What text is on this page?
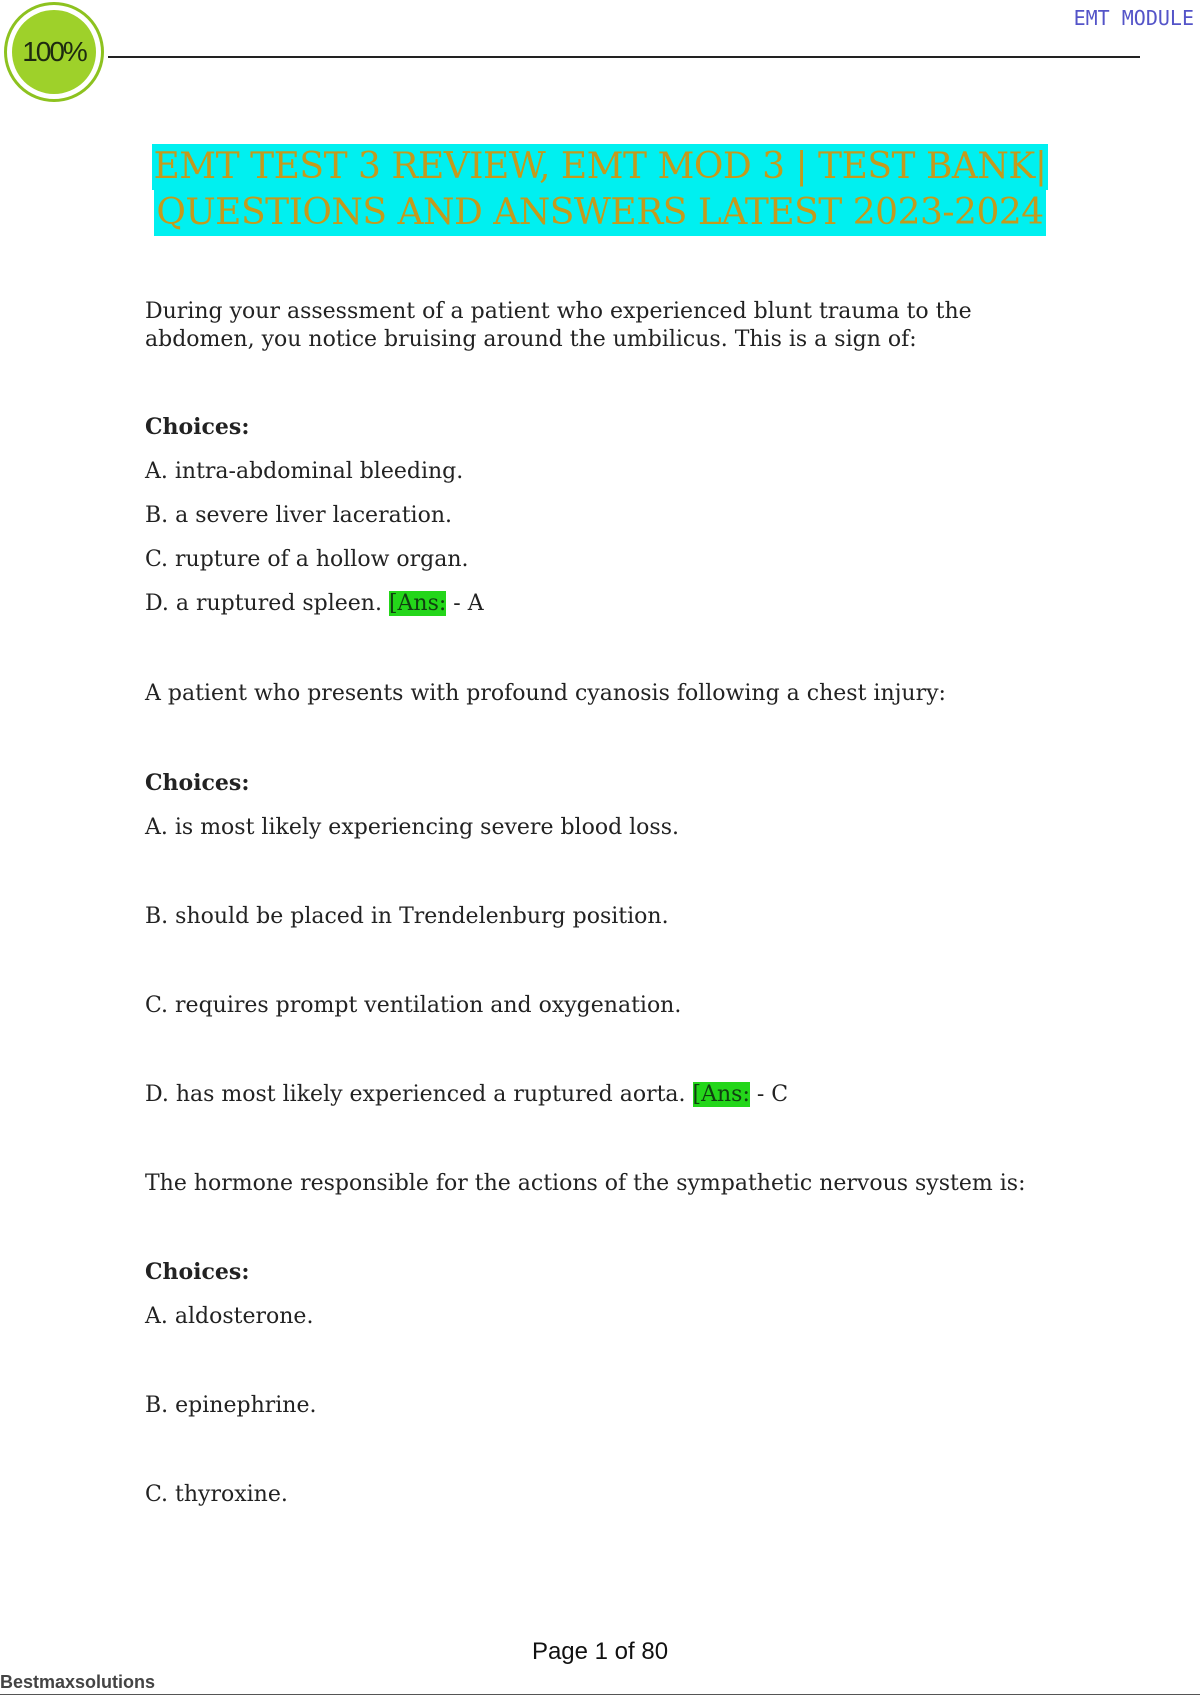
100%
EMT MODULE
EMT TEST 3 REVIEW, EMT MOD 3 | TEST BANK|
QUESTIONS AND ANSWERS LATEST 2023-2024

During your assessment of a patient who experienced blunt trauma to the abdomen, you notice bruising around the umbilicus. This is a sign of:

Choices:

A. intra-abdominal bleeding.

B. a severe liver laceration.

C. rupture of a hollow organ.

D. a ruptured spleen. [Ans: - A

A patient who presents with profound cyanosis following a chest injury:

Choices:

A. is most likely experiencing severe blood loss.

B. should be placed in Trendelenburg position.

C. requires prompt ventilation and oxygenation.

D. has most likely experienced a ruptured aorta. [Ans: - C

The hormone responsible for the actions of the sympathetic nervous system is:

Choices:

A. aldosterone.

B. epinephrine.

C. thyroxine.

Page 1 of 80
Bestmaxsolutions
